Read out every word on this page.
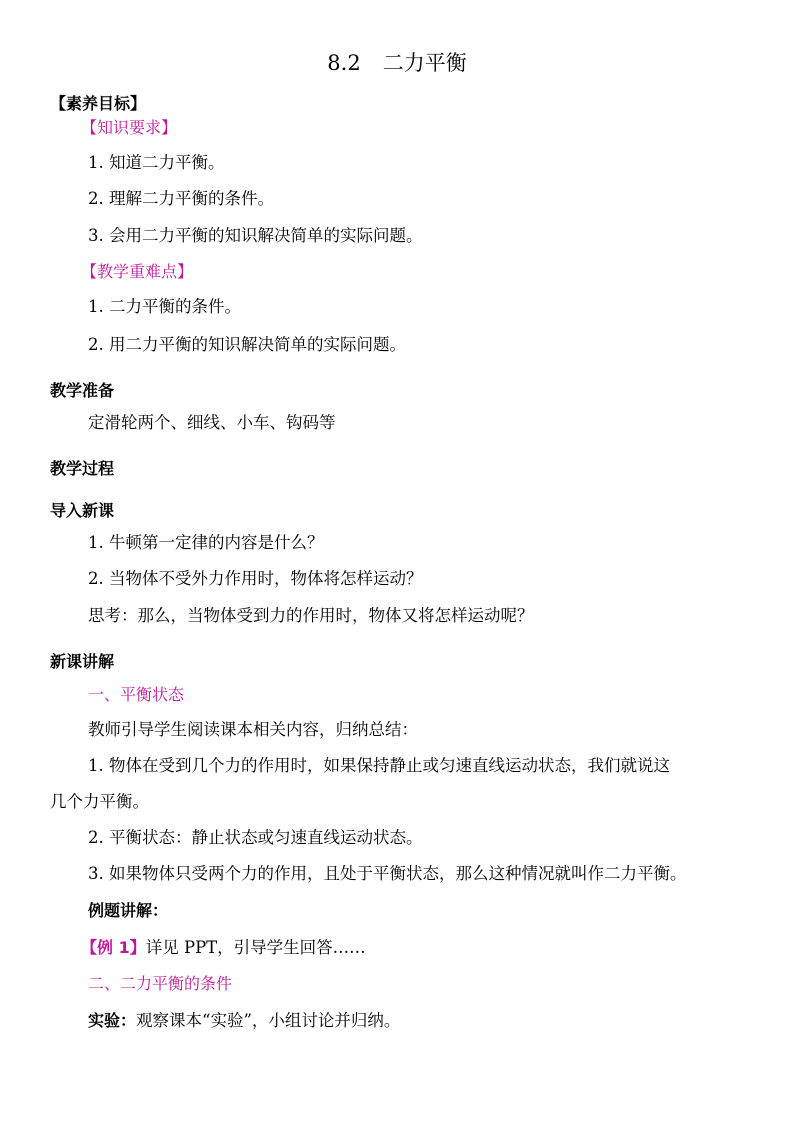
8.2 二力平衡
【素养目标】
【知识要求】
1. 知道二力平衡。
2. 理解二力平衡的条件。
3. 会用二力平衡的知识解决简单的实际问题。
【教学重难点】
1. 二力平衡的条件。
2. 用二力平衡的知识解决简单的实际问题。
教学准备
定滑轮两个、细线、小车、钩码等
教学过程
导入新课
1. 牛顿第一定律的内容是什么？
2. 当物体不受外力作用时，物体将怎样运动？
思考：那么，当物体受到力的作用时，物体又将怎样运动呢？
新课讲解
一、平衡状态
教师引导学生阅读课本相关内容，归纳总结：
1. 物体在受到几个力的作用时，如果保持静止或匀速直线运动状态，我们就说这
几个力平衡。
2. 平衡状态：静止状态或匀速直线运动状态。
3. 如果物体只受两个力的作用，且处于平衡状态，那么这种情况就叫作二力平衡。
例题讲解：
【例 1】详见 PPT，引导学生回答……
二、二力平衡的条件
实验：观察课本“实验”，小组讨论并归纳。
